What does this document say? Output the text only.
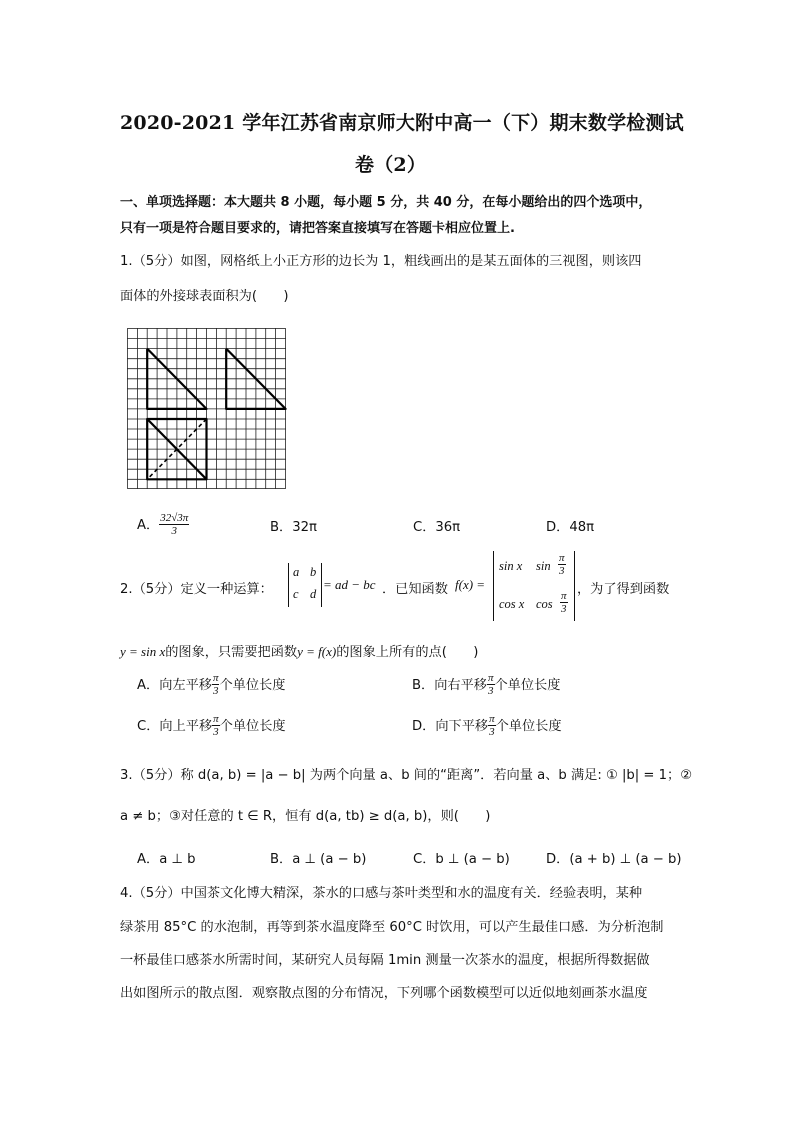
2020-2021 学年江苏省南京师大附中高一（下）期末数学检测试
卷（2）
一、单项选择题：本大题共 8 小题，每小题 5 分，共 40 分，在每小题给出的四个选项中，
只有一项是符合题目要求的，请把答案直接填写在答题卡相应位置上.
1.（5分）如图，网格纸上小正方形的边长为 1，粗线画出的是某五面体的三视图，则该四
面体的外接球表面积为(　　)
A． $\frac{32√3\pi}{3}$	B．32π	C．36π	D．48π
2.（5分）定义一种运算：
a b
c d
= ad − bc ．已知函数 f(x) =
sin x $\sin \frac{\pi}{3}$
cos x $\cos \frac{\pi}{3}$
，为了得到函数
y = sin x的图象，只需要把函数y = f(x)的图象上所有的点(　　)
A．向左平移 $\frac{\pi}{3}$ 个单位长度	B．向右平移 $\frac{\pi}{3}$ 个单位长度
C．向上平移 $\frac{\pi}{3}$ 个单位长度	D．向下平移 $\frac{\pi}{3}$ 个单位长度
3.（5分）称 d(a, b) = |a − b| 为两个向量 a、b 间的“距离”．若向量 a、b 满足: ① |b| = 1；②
a ≠ b；③对任意的 t ∈ R，恒有 d(a, tb) ≥ d(a, b)，则(　　)
A．a ⊥ b	B．a ⊥ (a − b)	C．b ⊥ (a − b)	D．(a + b) ⊥ (a − b)
4.（5分）中国茶文化博大精深，茶水的口感与茶叶类型和水的温度有关．经验表明，某种
绿茶用 85°C 的水泡制，再等到茶水温度降至 60°C 时饮用，可以产生最佳口感．为分析泡制
一杯最佳口感茶水所需时间，某研究人员每隔 1min 测量一次茶水的温度，根据所得数据做
出如图所示的散点图．观察散点图的分布情况，下列哪个函数模型可以近似地刻画茶水温度
